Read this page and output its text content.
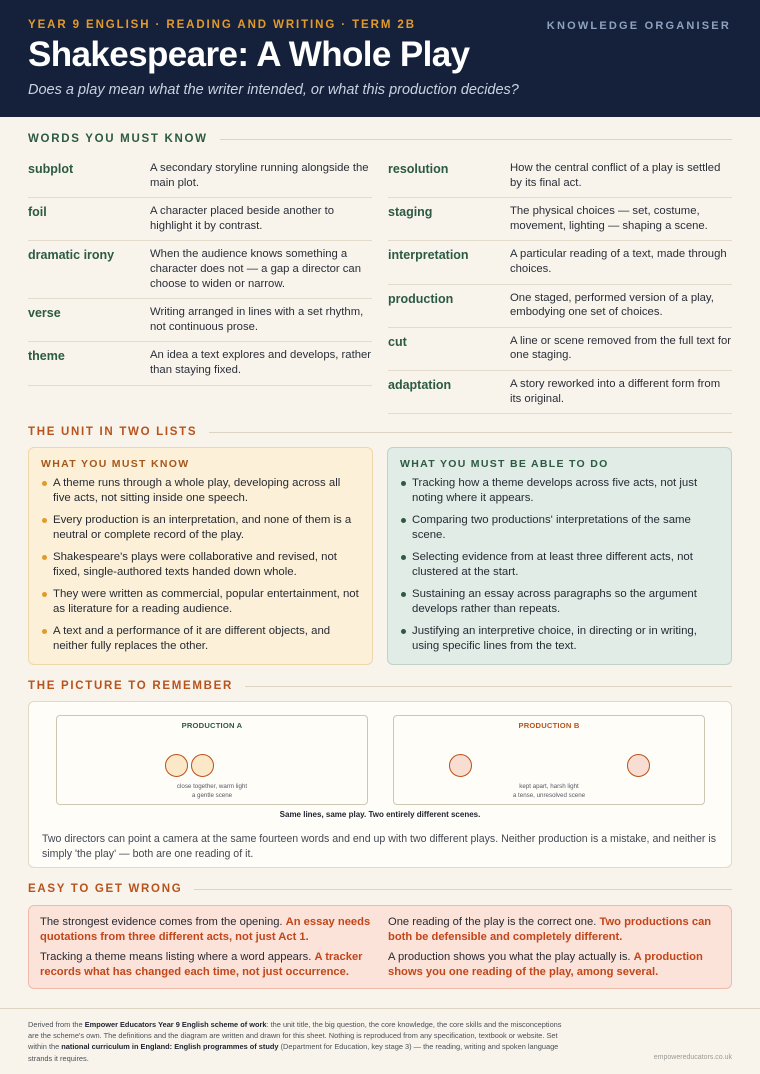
YEAR 9 ENGLISH · READING AND WRITING · TERM 2B	KNOWLEDGE ORGANISER
Shakespeare: A Whole Play
Does a play mean what the writer intended, or what this production decides?
WORDS YOU MUST KNOW
subplot	A secondary storyline running alongside the main plot.
foil	A character placed beside another to highlight it by contrast.
dramatic irony	When the audience knows something a character does not — a gap a director can choose to widen or narrow.
verse	Writing arranged in lines with a set rhythm, not continuous prose.
theme	An idea a text explores and develops, rather than staying fixed.
resolution	How the central conflict of a play is settled by its final act.
staging	The physical choices — set, costume, movement, lighting — shaping a scene.
interpretation	A particular reading of a text, made through choices.
production	One staged, performed version of a play, embodying one set of choices.
cut	A line or scene removed from the full text for one staging.
adaptation	A story reworked into a different form from its original.
THE UNIT IN TWO LISTS
WHAT YOU MUST KNOW
A theme runs through a whole play, developing across all five acts, not sitting inside one speech.
Every production is an interpretation, and none of them is a neutral or complete record of the play.
Shakespeare's plays were collaborative and revised, not fixed, single-authored texts handed down whole.
They were written as commercial, popular entertainment, not as literature for a reading audience.
A text and a performance of it are different objects, and neither fully replaces the other.
WHAT YOU MUST BE ABLE TO DO
Tracking how a theme develops across five acts, not just noting where it appears.
Comparing two productions' interpretations of the same scene.
Selecting evidence from at least three different acts, not clustered at the start.
Sustaining an essay across paragraphs so the argument develops rather than repeats.
Justifying an interpretive choice, in directing or in writing, using specific lines from the text.
THE PICTURE TO REMEMBER
PRODUCTION A
close together, warm light
a gentle scene
PRODUCTION B
kept apart, harsh light
a tense, unresolved scene
Same lines, same play. Two entirely different scenes.
Two directors can point a camera at the same fourteen words and end up with two different plays. Neither production is a mistake, and neither is simply 'the play' — both are one reading of it.
EASY TO GET WRONG
The strongest evidence comes from the opening. An essay needs quotations from three different acts, not just Act 1.
Tracking a theme means listing where a word appears. A tracker records what has changed each time, not just occurrence.
One reading of the play is the correct one. Two productions can both be defensible and completely different.
A production shows you what the play actually is. A production shows you one reading of the play, among several.
Derived from the Empower Educators Year 9 English scheme of work: the unit title, the big question, the core knowledge, the core skills and the misconceptions are the scheme's own. The definitions and the diagram are written and drawn for this sheet. Nothing is reproduced from any specification, textbook or website. Set within the national curriculum in England: English programmes of study (Department for Education, key stage 3) — the reading, writing and spoken language strands it requires.	empowereducators.co.uk
